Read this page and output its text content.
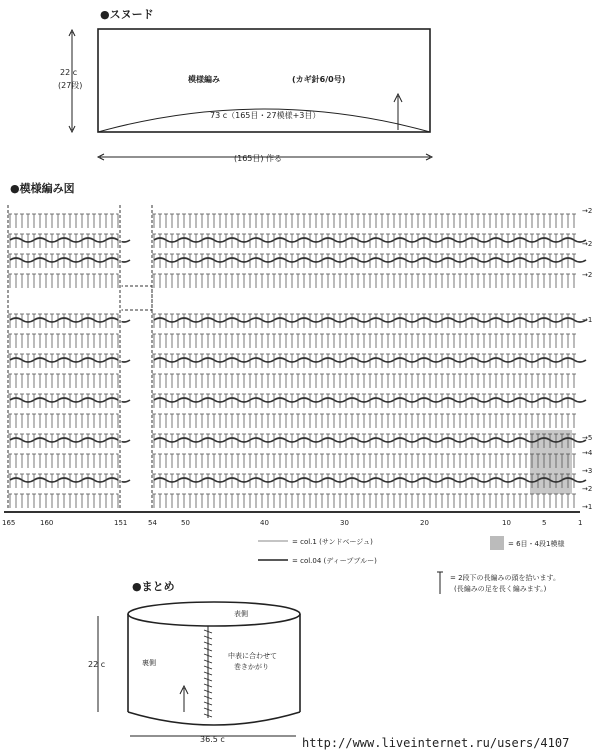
●スヌード
●模様編み図
●まとめ
22 c
(27段)
模様編み	(カギ針6/0号)
73 c（165目・27模様+3目）
(165目) 作る
165	160	151	54	50	40	30	20	10	5	1
→2
→2
→2
→1
→5
→4
→3
→2
→1
= col.1 (サンドベージュ)
= col.04 (ディープブルー)
= 6目・4段1模様
= 2段下の長編みの頭を拾います。
(長編みの足を長く編みます。)
表側
裏側
中表に合わせて
巻きかがり
22 c
36.5 c	http://www.liveinternet.ru/users/4107
